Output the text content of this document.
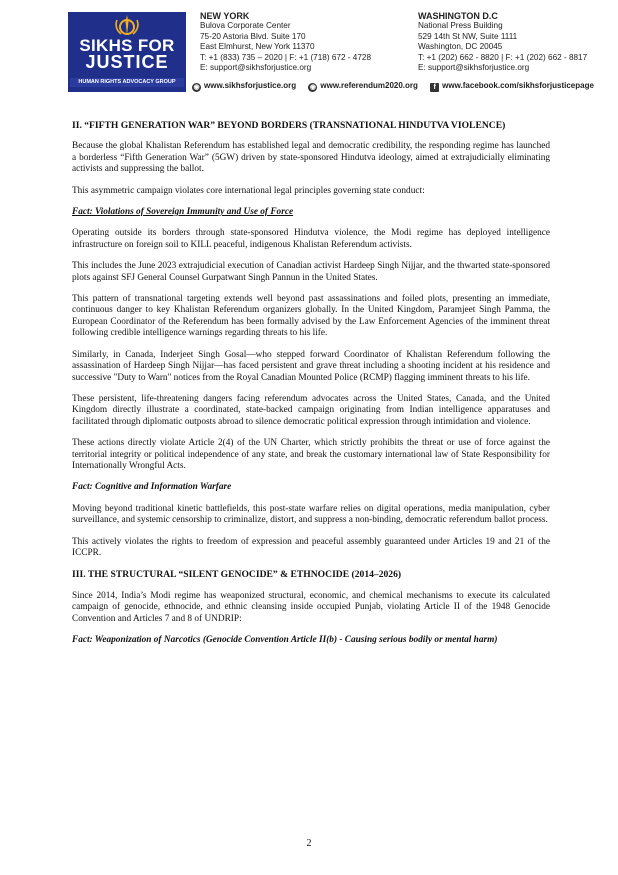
SIKHS FOR
JUSTICE
HUMAN RIGHTS ADVOCACY GROUP
NEW YORK
Bulova Corporate Center
75-20 Astoria Blvd. Suite 170
East Elmhurst, New York 11370
T: +1 (833) 735 – 2020 | F: +1 (718) 672 - 4728
E: support@sikhsforjustice.org
WASHINGTON D.C
National Press Building
529 14th St NW, Suite 1111
Washington, DC 20045
T: +1 (202) 662 - 8820 | F: +1 (202) 662 - 8817
E: support@sikhsforjustice.org
◉ www.sikhsforjustice.org ◉ www.referendum2020.org f www.facebook.com/sikhsforjusticepage
II. “FIFTH GENERATION WAR” BEYOND BORDERS (TRANSNATIONAL HINDUTVA VIOLENCE)

Because the global Khalistan Referendum has established legal and democratic credibility, the responding regime has launched a borderless “Fifth Generation War” (5GW) driven by state-sponsored Hindutva ideology, aimed at extrajudicially eliminating activists and suppressing the ballot.

This asymmetric campaign violates core international legal principles governing state conduct:

Fact: Violations of Sovereign Immunity and Use of Force

Operating outside its borders through state-sponsored Hindutva violence, the Modi regime has deployed intelligence infrastructure on foreign soil to KILL peaceful, indigenous Khalistan Referendum activists.

This includes the June 2023 extrajudicial execution of Canadian activist Hardeep Singh Nijjar, and the thwarted state-sponsored plots against SFJ General Counsel Gurpatwant Singh Pannun in the United States.

This pattern of transnational targeting extends well beyond past assassinations and foiled plots, presenting an immediate, continuous danger to key Khalistan Referendum organizers globally. In the United Kingdom, Paramjeet Singh Pamma, the European Coordinator of the Referendum has been formally advised by the Law Enforcement Agencies of the imminent threat following credible intelligence warnings regarding threats to his life.

Similarly, in Canada, Inderjeet Singh Gosal—who stepped forward Coordinator of Khalistan Referendum following the assassination of Hardeep Singh Nijjar—has faced persistent and grave threat including a shooting incident at his residence and successive "Duty to Warn" notices from the Royal Canadian Mounted Police (RCMP) flagging imminent threats to his life.

These persistent, life-threatening dangers facing referendum advocates across the United States, Canada, and the United Kingdom directly illustrate a coordinated, state-backed campaign originating from Indian intelligence apparatuses and facilitated through diplomatic outposts abroad to silence democratic political expression through intimidation and violence.

These actions directly violate Article 2(4) of the UN Charter, which strictly prohibits the threat or use of force against the territorial integrity or political independence of any state, and break the customary international law of State Responsibility for Internationally Wrongful Acts.

Fact: Cognitive and Information Warfare

Moving beyond traditional kinetic battlefields, this post-state warfare relies on digital operations, media manipulation, cyber surveillance, and systemic censorship to criminalize, distort, and suppress a non-binding, democratic referendum ballot process.

This actively violates the rights to freedom of expression and peaceful assembly guaranteed under Articles 19 and 21 of the ICCPR.

III. THE STRUCTURAL “SILENT GENOCIDE” & ETHNOCIDE (2014–2026)

Since 2014, India’s Modi regime has weaponized structural, economic, and chemical mechanisms to execute its calculated campaign of genocide, ethnocide, and ethnic cleansing inside occupied Punjab, violating Article II of the 1948 Genocide Convention and Articles 7 and 8 of UNDRIP:

Fact: Weaponization of Narcotics (Genocide Convention Article II(b) - Causing serious bodily or mental harm)
2
